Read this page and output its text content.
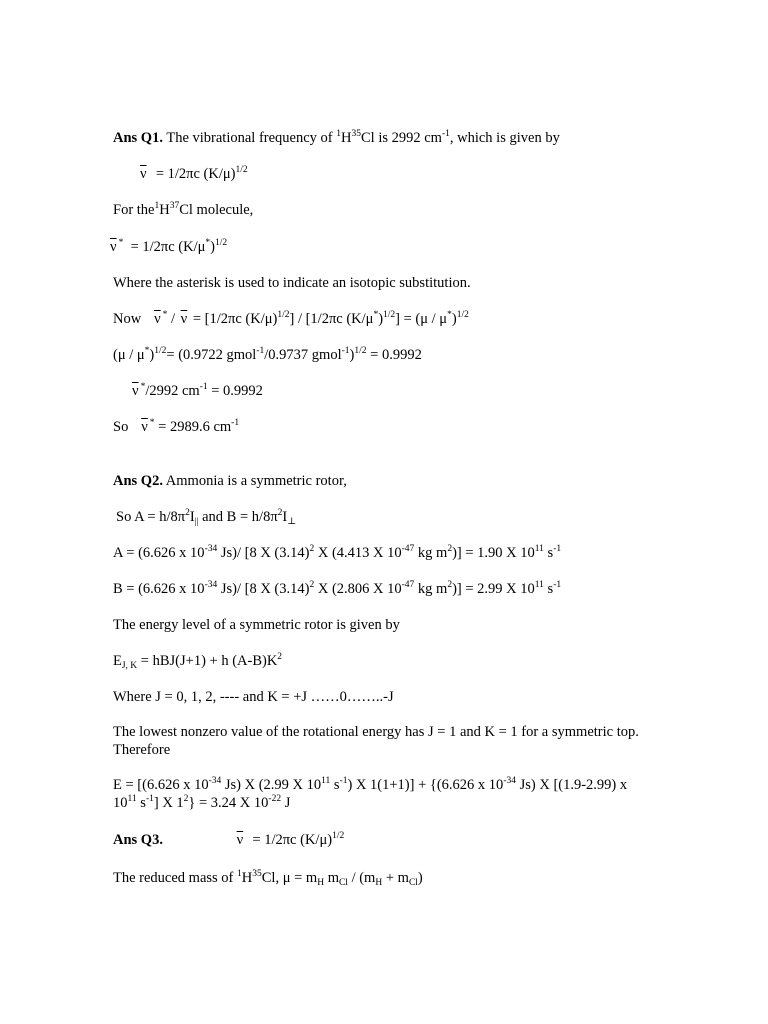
Ans Q1. The vibrational frequency of $^1H^{35}Cl$ is 2992 $cm^{-1}$, which is given by
$\overline{\nu} = 1/2\pi c$ $(K/\mu)^{1/2}$
For $the^1H^{37}Cl$ molecule,
$\overline{\nu}$ * = 1/2πc $(K/\mu^*)^{1/2}$
Where the asterisk is used to indicate an isotopic substitution.
Now $\overline{\nu}$ $^* / \overline{\nu} = [1/2\pi c$ $(K/\mu)^{1/2}] / [1/2\pi c$ $(K/\mu^*)^{1/2}] = (\mu / \mu^*)^{1/2}$
(μ / μ*)$^{1/2}$= (0.9722 gmol$^{-1}$/0.9737 gmol$^{-1}$)$^{1/2}$ = 0.9992
$\overline{\nu}$ */2992 $cm^{-1} = 0.9992$
So $\overline{\nu}$ * = 2989.6 $cm^{-1}$
Ans Q2. Ammonia is a symmetric rotor,
So $A = h/8\pi^2I_{||}$ and $B = h/8\pi^2I_\perp$
A = (6.626 x $10^{-34}$ Js)/ [8 X $(3.14)^2$ X (4.413 X $10^{-47}$ kg $m^2)] = 1.90$ X $10^{11}$ $s^{-1}$
B = (6.626 x $10^{-34}$ Js)/ [8 X $(3.14)^2$ X (2.806 X $10^{-47}$ kg $m^2)] = 2.99$ X $10^{11}$ $s^{-1}$
The energy level of a symmetric rotor is given by
$E_{J, K} = hBJ(J+1) + h$ $(A-B)K^2$
Where J = 0, 1, 2, ---- and K = +J ……0……..-J
The lowest nonzero value of the rotational energy has J = 1 and K = 1 for a symmetric top. Therefore
E = [(6.626 x $10^{-34}$ Js) X (2.99 X $10^{11}$ $s^{-1}$) X 1(1+1)] + {(6.626 x $10^{-34}$ Js) X [(1.9-2.99) x
$10^{11}$ $s^{-1}$] X $1^2\} = 3.24$ X $10^{-22}$ J
Ans Q3.	$\overline{\nu} = 1/2\pi c$ $(K/\mu)^{1/2}$
The reduced mass of $^1H^{35}Cl$, $\mu = m_H$ $m_{Cl} / (m_H + m_{Cl})$
